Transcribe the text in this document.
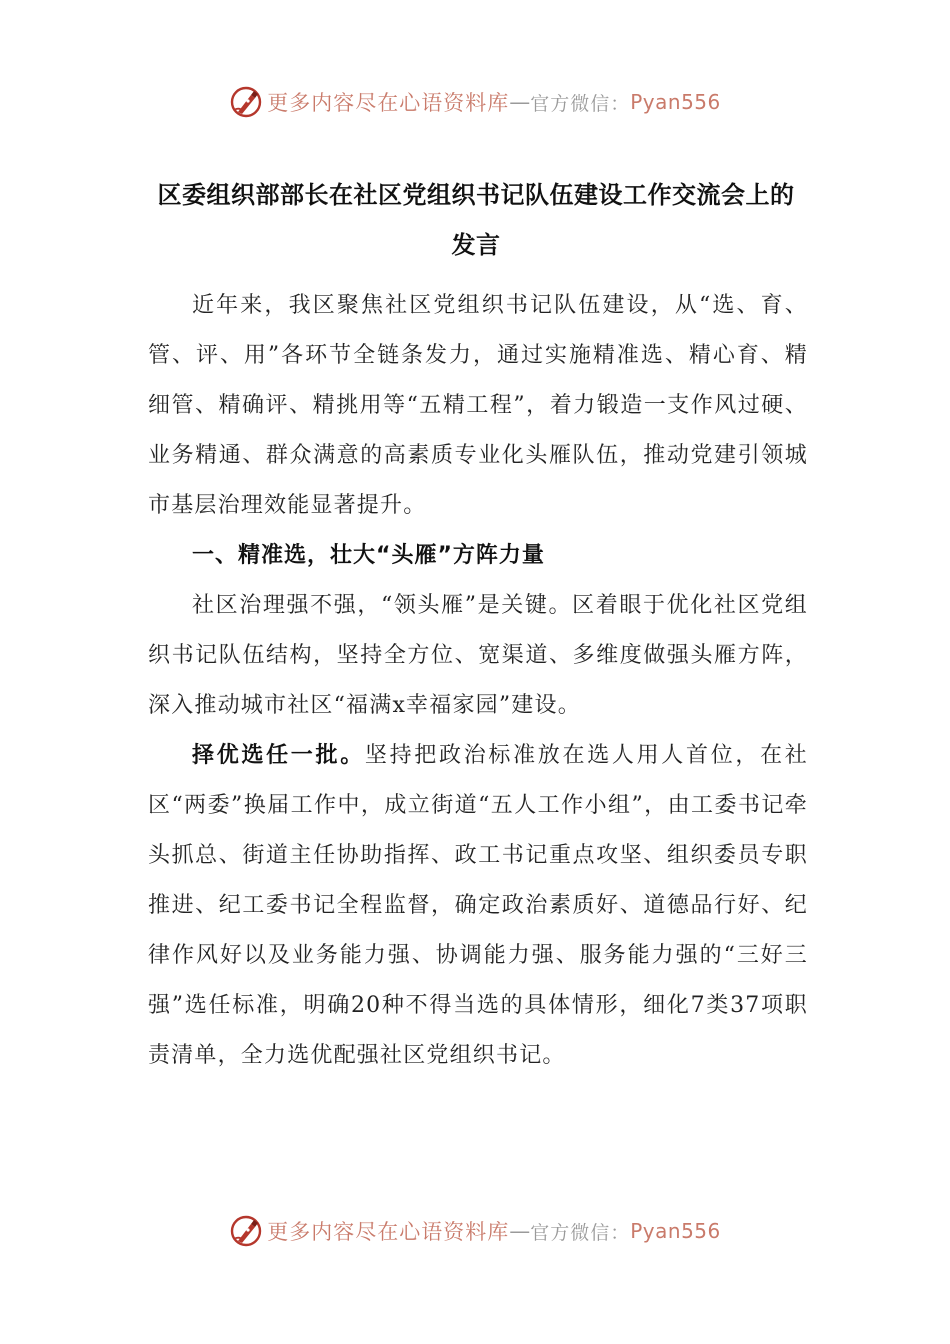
更多内容尽在心语资料库 — 官方微信： Pyan556
区委组织部部长在社区党组织书记队伍建设工作交流会上的发言

近年来，我区聚焦社区党组织书记队伍建设，从“选、育、管、评、用”各环节全链条发力，通过实施精准选、精心育、精细管、精确评、精挑用等“五精工程”，着力锻造一支作风过硬、业务精通、群众满意的高素质专业化头雁队伍，推动党建引领城市基层治理效能显著提升。

一、精准选，壮大“头雁”方阵力量

社区治理强不强，“领头雁”是关键。区着眼于优化社区党组织书记队伍结构，坚持全方位、宽渠道、多维度做强头雁方阵，深入推动城市社区“福满x幸福家园”建设。

择优选任一批。坚持把政治标准放在选人用人首位，在社区“两委”换届工作中，成立街道“五人工作小组”，由工委书记牵头抓总、街道主任协助指挥、政工书记重点攻坚、组织委员专职推进、纪工委书记全程监督，确定政治素质好、道德品行好、纪律作风好以及业务能力强、协调能力强、服务能力强的“三好三强”选任标准，明确20种不得当选的具体情形，细化7类37项职责清单，全力选优配强社区党组织书记。

更多内容尽在心语资料库 — 官方微信： Pyan556
